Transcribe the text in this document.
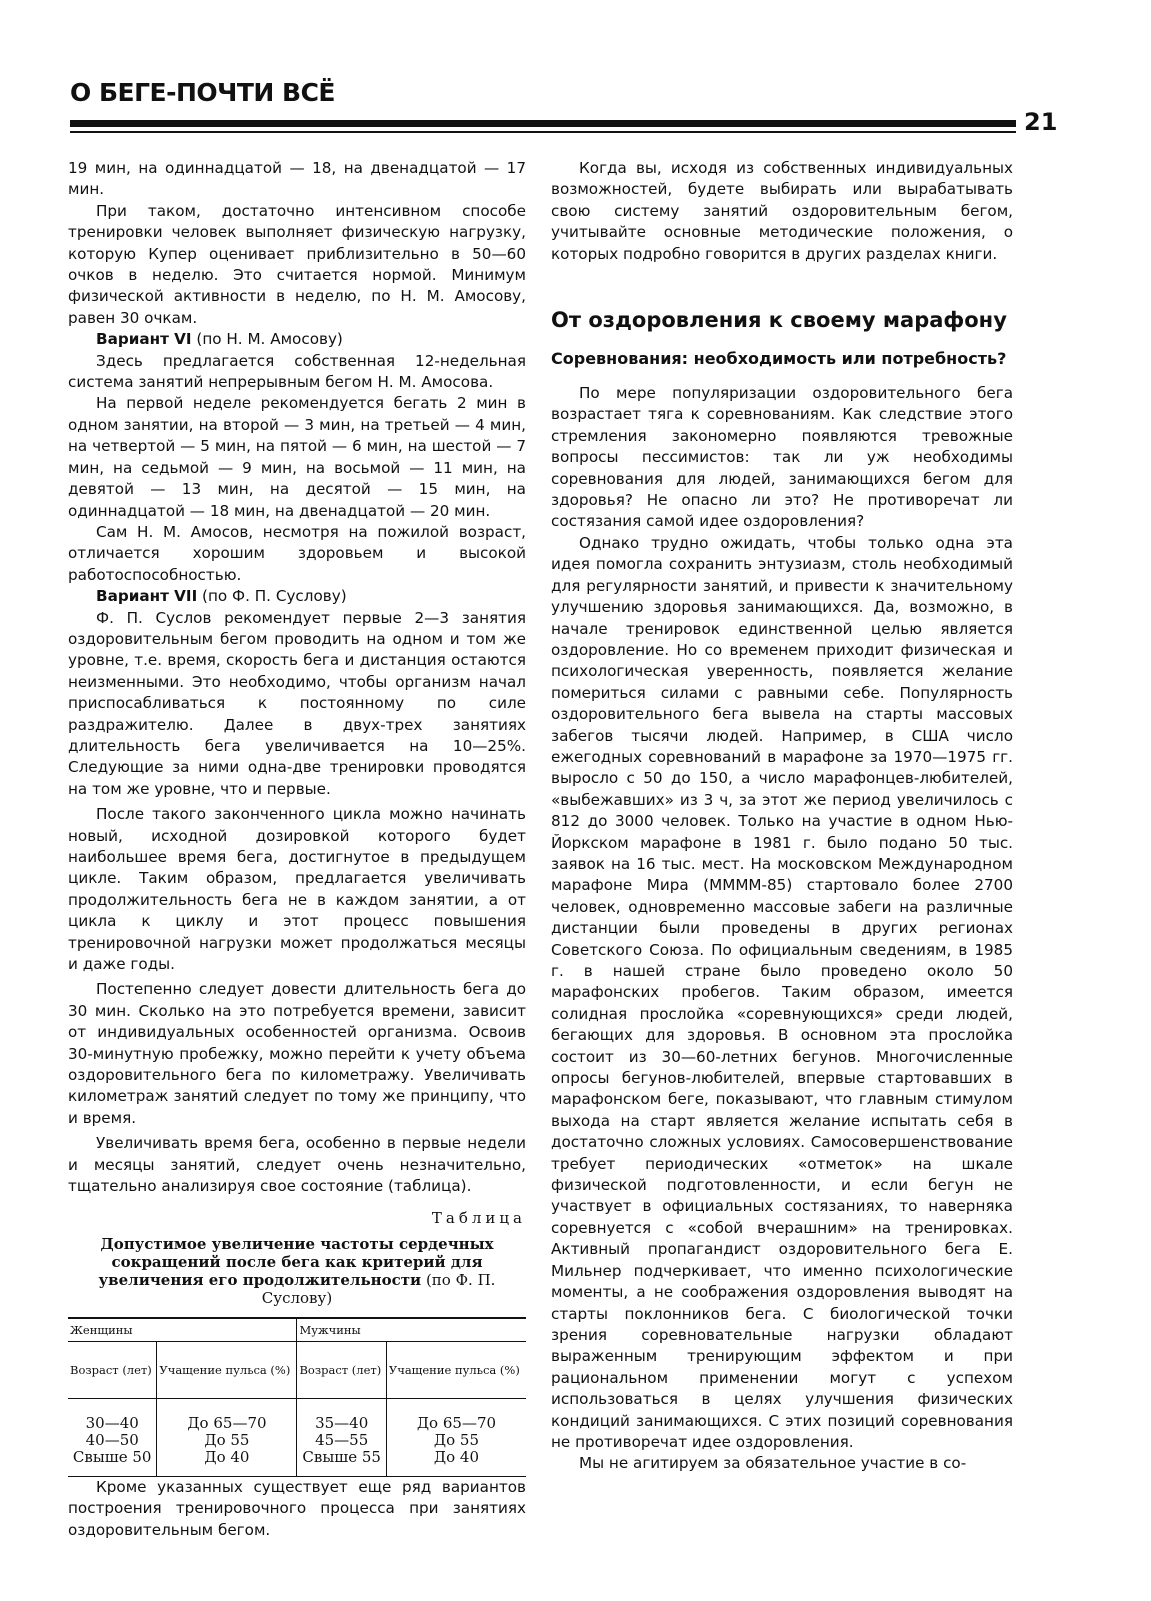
О БЕГЕ-ПОЧТИ ВСЁ
21

19 мин, на одиннадцатой — 18, на двенадцатой — 17 мин.

При таком, достаточно интенсивном способе тренировки человек выполняет физическую нагрузку, которую Купер оценивает приблизительно в 50—60 очков в неделю. Это считается нормой. Минимум физической активности в неделю, по Н. М. Амосову, равен 30 очкам.

Вариант VI (по Н. М. Амосову)

Здесь предлагается собственная 12-недельная система занятий непрерывным бегом Н. М. Амосова.

На первой неделе рекомендуется бегать 2 мин в одном занятии, на второй — 3 мин, на третьей — 4 мин, на четвертой — 5 мин, на пятой — 6 мин, на шестой — 7 мин, на седьмой — 9 мин, на восьмой — 11 мин, на девятой — 13 мин, на десятой — 15 мин, на одиннадцатой — 18 мин, на двенадцатой — 20 мин.

Сам Н. М. Амосов, несмотря на пожилой возраст, отличается хорошим здоровьем и высокой работоспособностью.

Вариант VII (по Ф. П. Суслову)

Ф. П. Суслов рекомендует первые 2—3 занятия оздоровительным бегом проводить на одном и том же уровне, т.е. время, скорость бега и дистанция остаются неизменными. Это необходимо, чтобы организм начал приспосабливаться к постоянному по силе раздражителю. Далее в двух-трех занятиях длительность бега увеличивается на 10—25%. Следующие за ними одна-две тренировки проводятся на том же уровне, что и первые.

После такого законченного цикла можно начинать новый, исходной дозировкой которого будет наибольшее время бега, достигнутое в предыдущем цикле. Таким образом, предлагается увеличивать продолжительность бега не в каждом занятии, а от цикла к циклу и этот процесс повышения тренировочной нагрузки может продолжаться месяцы и даже годы.

Постепенно следует довести длительность бега до 30 мин. Сколько на это потребуется времени, зависит от индивидуальных особенностей организма. Освоив 30-минутную пробежку, можно перейти к учету объема оздоровительного бега по километражу. Увеличивать километраж занятий следует по тому же принципу, что и время.

Увеличивать время бега, особенно в первые недели и месяцы занятий, следует очень незначительно, тщательно анализируя свое состояние (таблица).

Таблица
Допустимое увеличение частоты сердечных сокращений после бега как критерий для увеличения его продолжительности (по Ф. П. Суслову)
Женщины		Мужчины	
Возраст (лет)	Учащение пульса (%)	Возраст (лет)	Учащение пульса (%)
30—40	До 65—70	35—40	До 65—70
40—50	До 55	45—55	До 55
Свыше 50	До 40	Свыше 55	До 40

Кроме указанных существует еще ряд вариантов построения тренировочного процесса при занятиях оздоровительным бегом.

Когда вы, исходя из собственных индивидуальных возможностей, будете выбирать или вырабатывать свою систему занятий оздоровительным бегом, учитывайте основные методические положения, о которых подробно говорится в других разделах книги.

От оздоровления к своему марафону
Соревнования: необходимость или потребность?

По мере популяризации оздоровительного бега возрастает тяга к соревнованиям. Как следствие этого стремления закономерно появляются тревожные вопросы пессимистов: так ли уж необходимы соревнования для людей, занимающихся бегом для здоровья? Не опасно ли это? Не противоречат ли состязания самой идее оздоровления?

Однако трудно ожидать, чтобы только одна эта идея помогла сохранить энтузиазм, столь необходимый для регулярности занятий, и привести к значительному улучшению здоровья занимающихся. Да, возможно, в начале тренировок единственной целью является оздоровление. Но со временем приходит физическая и психологическая уверенность, появляется желание помериться силами с равными себе. Популярность оздоровительного бега вывела на старты массовых забегов тысячи людей. Например, в США число ежегодных соревнований в марафоне за 1970—1975 гг. выросло с 50 до 150, а число марафонцев-любителей, «выбежавших» из 3 ч, за этот же период увеличилось с 812 до 3000 человек. Только на участие в одном Нью-Йоркском марафоне в 1981 г. было подано 50 тыс. заявок на 16 тыс. мест. На московском Международном марафоне Мира (ММММ-85) стартовало более 2700 человек, одновременно массовые забеги на различные дистанции были проведены в других регионах Советского Союза. По официальным сведениям, в 1985 г. в нашей стране было проведено около 50 марафонских пробегов. Таким образом, имеется солидная прослойка «соревнующихся» среди людей, бегающих для здоровья. В основном эта прослойка состоит из 30—60-летних бегунов. Многочисленные опросы бегунов-любителей, впервые стартовавших в марафонском беге, показывают, что главным стимулом выхода на старт является желание испытать себя в достаточно сложных условиях. Самосовершенствование требует периодических «отметок» на шкале физической подготовленности, и если бегун не участвует в официальных состязаниях, то наверняка соревнуется с «собой вчерашним» на тренировках. Активный пропагандист оздоровительного бега Е. Мильнер подчеркивает, что именно психологические моменты, а не соображения оздоровления выводят на старты поклонников бега. С биологической точки зрения соревновательные нагрузки обладают выраженным тренирующим эффектом и при рациональном применении могут с успехом использоваться в целях улучшения физических кондиций занимающихся. С этих позиций соревнования не противоречат идее оздоровления.

Мы не агитируем за обязательное участие в со-
